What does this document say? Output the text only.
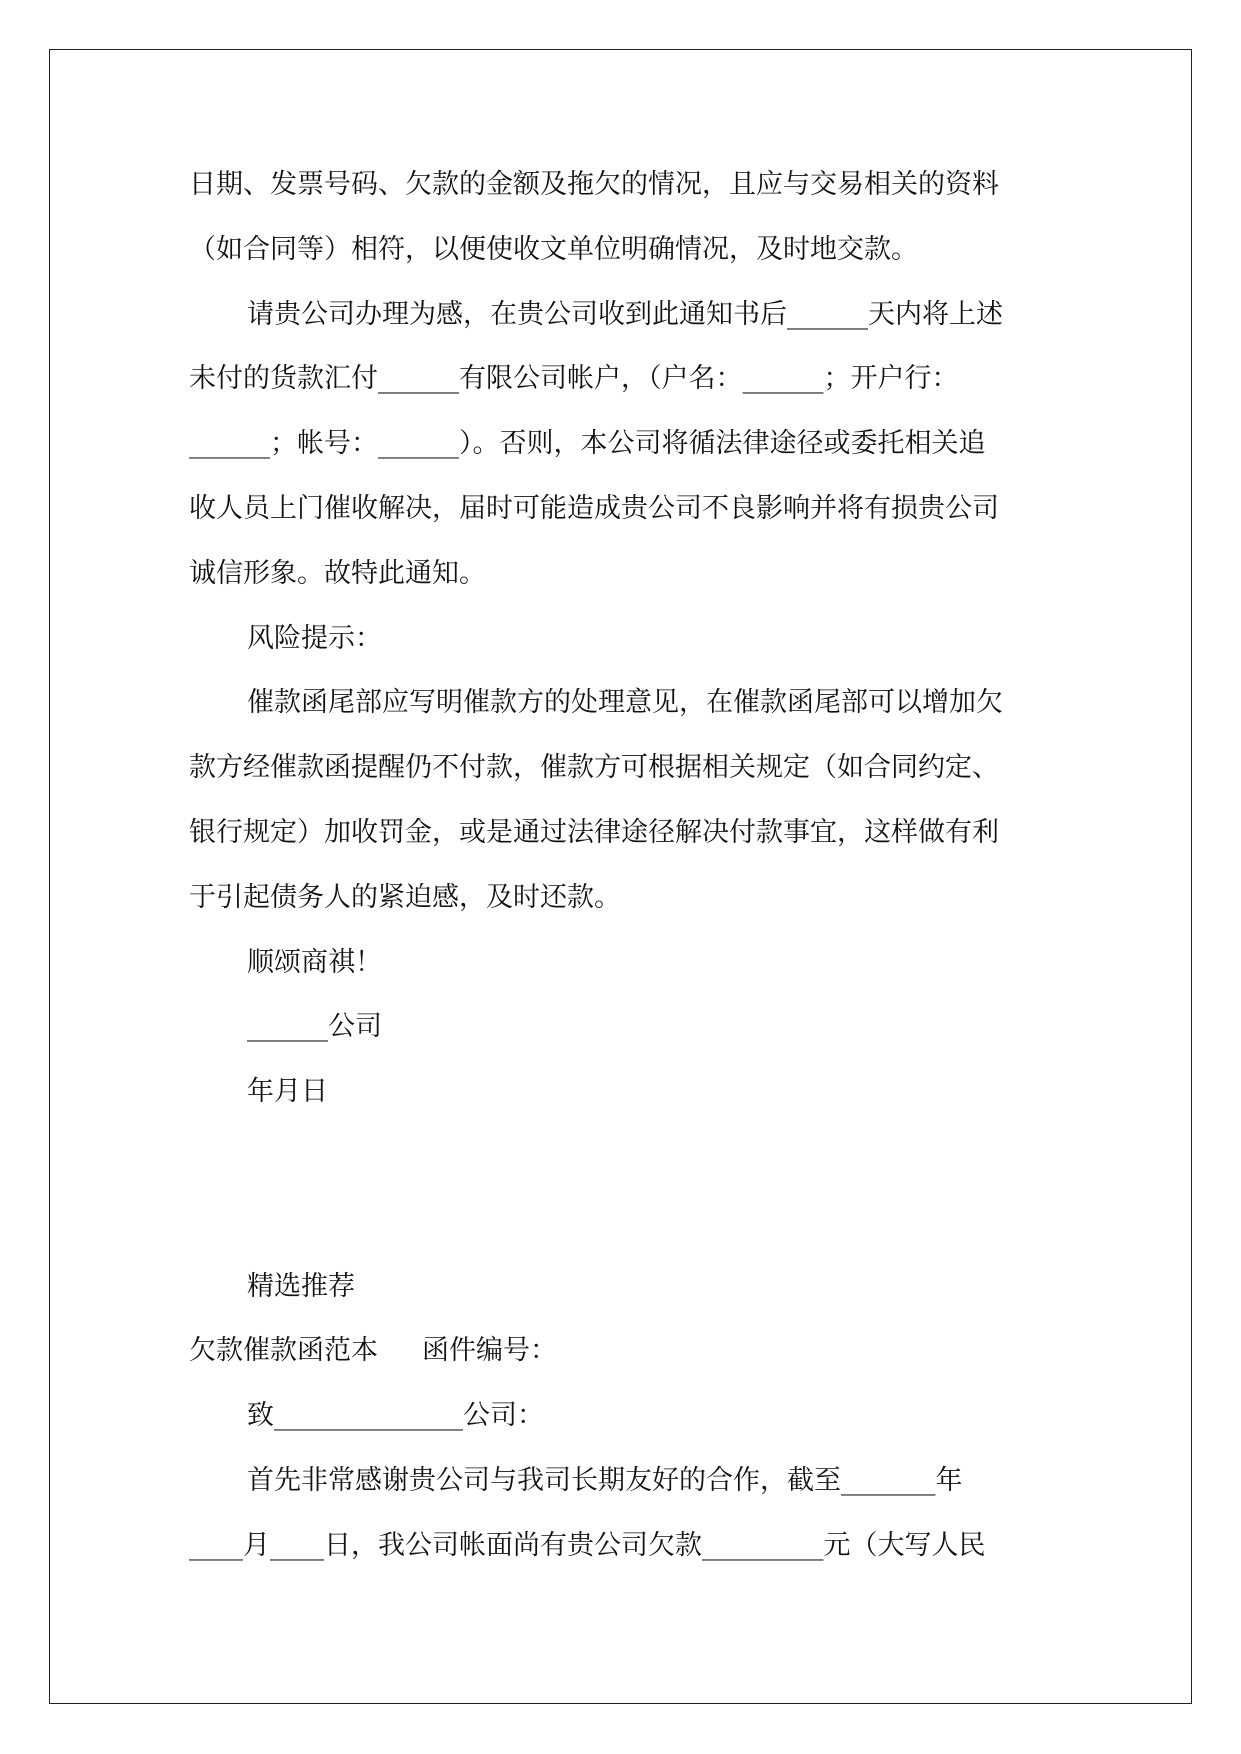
日期、发票号码、欠款的金额及拖欠的情况，且应与交易相关的资料
（如合同等）相符，以便使收文单位明确情况，及时地交款。
请贵公司办理为感，在贵公司收到此通知书后______天内将上述
未付的货款汇付______有限公司帐户，（户名：______；开户行：
______；帐号：______）。否则，本公司将循法律途径或委托相关追
收人员上门催收解决，届时可能造成贵公司不良影响并将有损贵公司
诚信形象。故特此通知。
风险提示：
催款函尾部应写明催款方的处理意见，在催款函尾部可以增加欠
款方经催款函提醒仍不付款，催款方可根据相关规定（如合同约定、
银行规定）加收罚金，或是通过法律途径解决付款事宜，这样做有利
于引起债务人的紧迫感，及时还款。
顺颂商祺！
______公司
年月日
精选推荐
欠款催款函范本 函件编号：
致______________公司：
首先非常感谢贵公司与我司长期友好的合作，截至_______年
____月____日，我公司帐面尚有贵公司欠款_________元（大写人民
